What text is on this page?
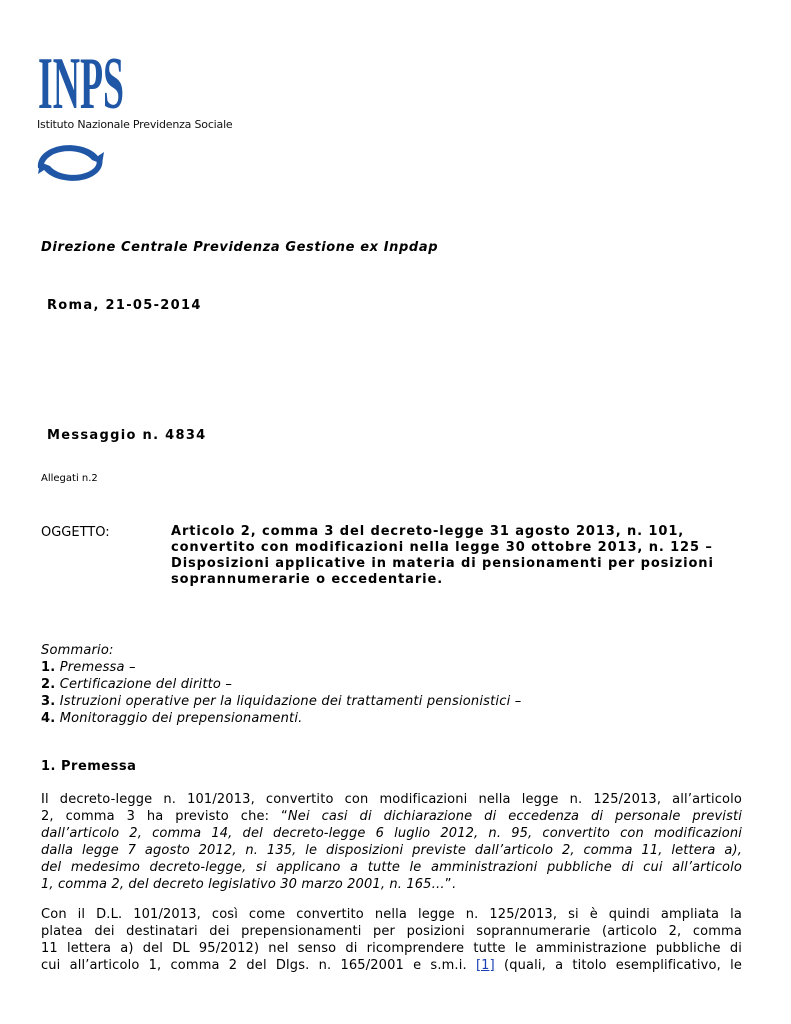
INPS
Istituto Nazionale Previdenza Sociale
Direzione Centrale Previdenza Gestione ex Inpdap
Roma, 21-05-2014
Messaggio n. 4834
Allegati n.2
OGGETTO:	Articolo 2, comma 3 del decreto-legge 31 agosto 2013, n. 101,
convertito con modificazioni nella legge 30 ottobre 2013, n. 125 –
Disposizioni applicative in materia di pensionamenti per posizioni
soprannumerarie o eccedentarie.
Sommario:
1. Premessa –
2. Certificazione del diritto –
3. Istruzioni operative per la liquidazione dei trattamenti pensionistici –
4. Monitoraggio dei prepensionamenti.
1. Premessa
Il decreto-legge n. 101/2013, convertito con modificazioni nella legge n. 125/2013, all’articolo
2, comma 3 ha previsto che: “Nei casi di dichiarazione di eccedenza di personale previsti
dall’articolo 2, comma 14, del decreto-legge 6 luglio 2012, n. 95, convertito con modificazioni
dalla legge 7 agosto 2012, n. 135, le disposizioni previste dall’articolo 2, comma 11, lettera a),
del medesimo decreto-legge, si applicano a tutte le amministrazioni pubbliche di cui all’articolo
1, comma 2, del decreto legislativo 30 marzo 2001, n. 165…”.
Con il D.L. 101/2013, così come convertito nella legge n. 125/2013, si è quindi ampliata la
platea dei destinatari dei prepensionamenti per posizioni soprannumerarie (articolo 2, comma
11 lettera a) del DL 95/2012) nel senso di ricomprendere tutte le amministrazione pubbliche di
cui all’articolo 1, comma 2 del Dlgs. n. 165/2001 e s.m.i. [1] (quali, a titolo esemplificativo, le
